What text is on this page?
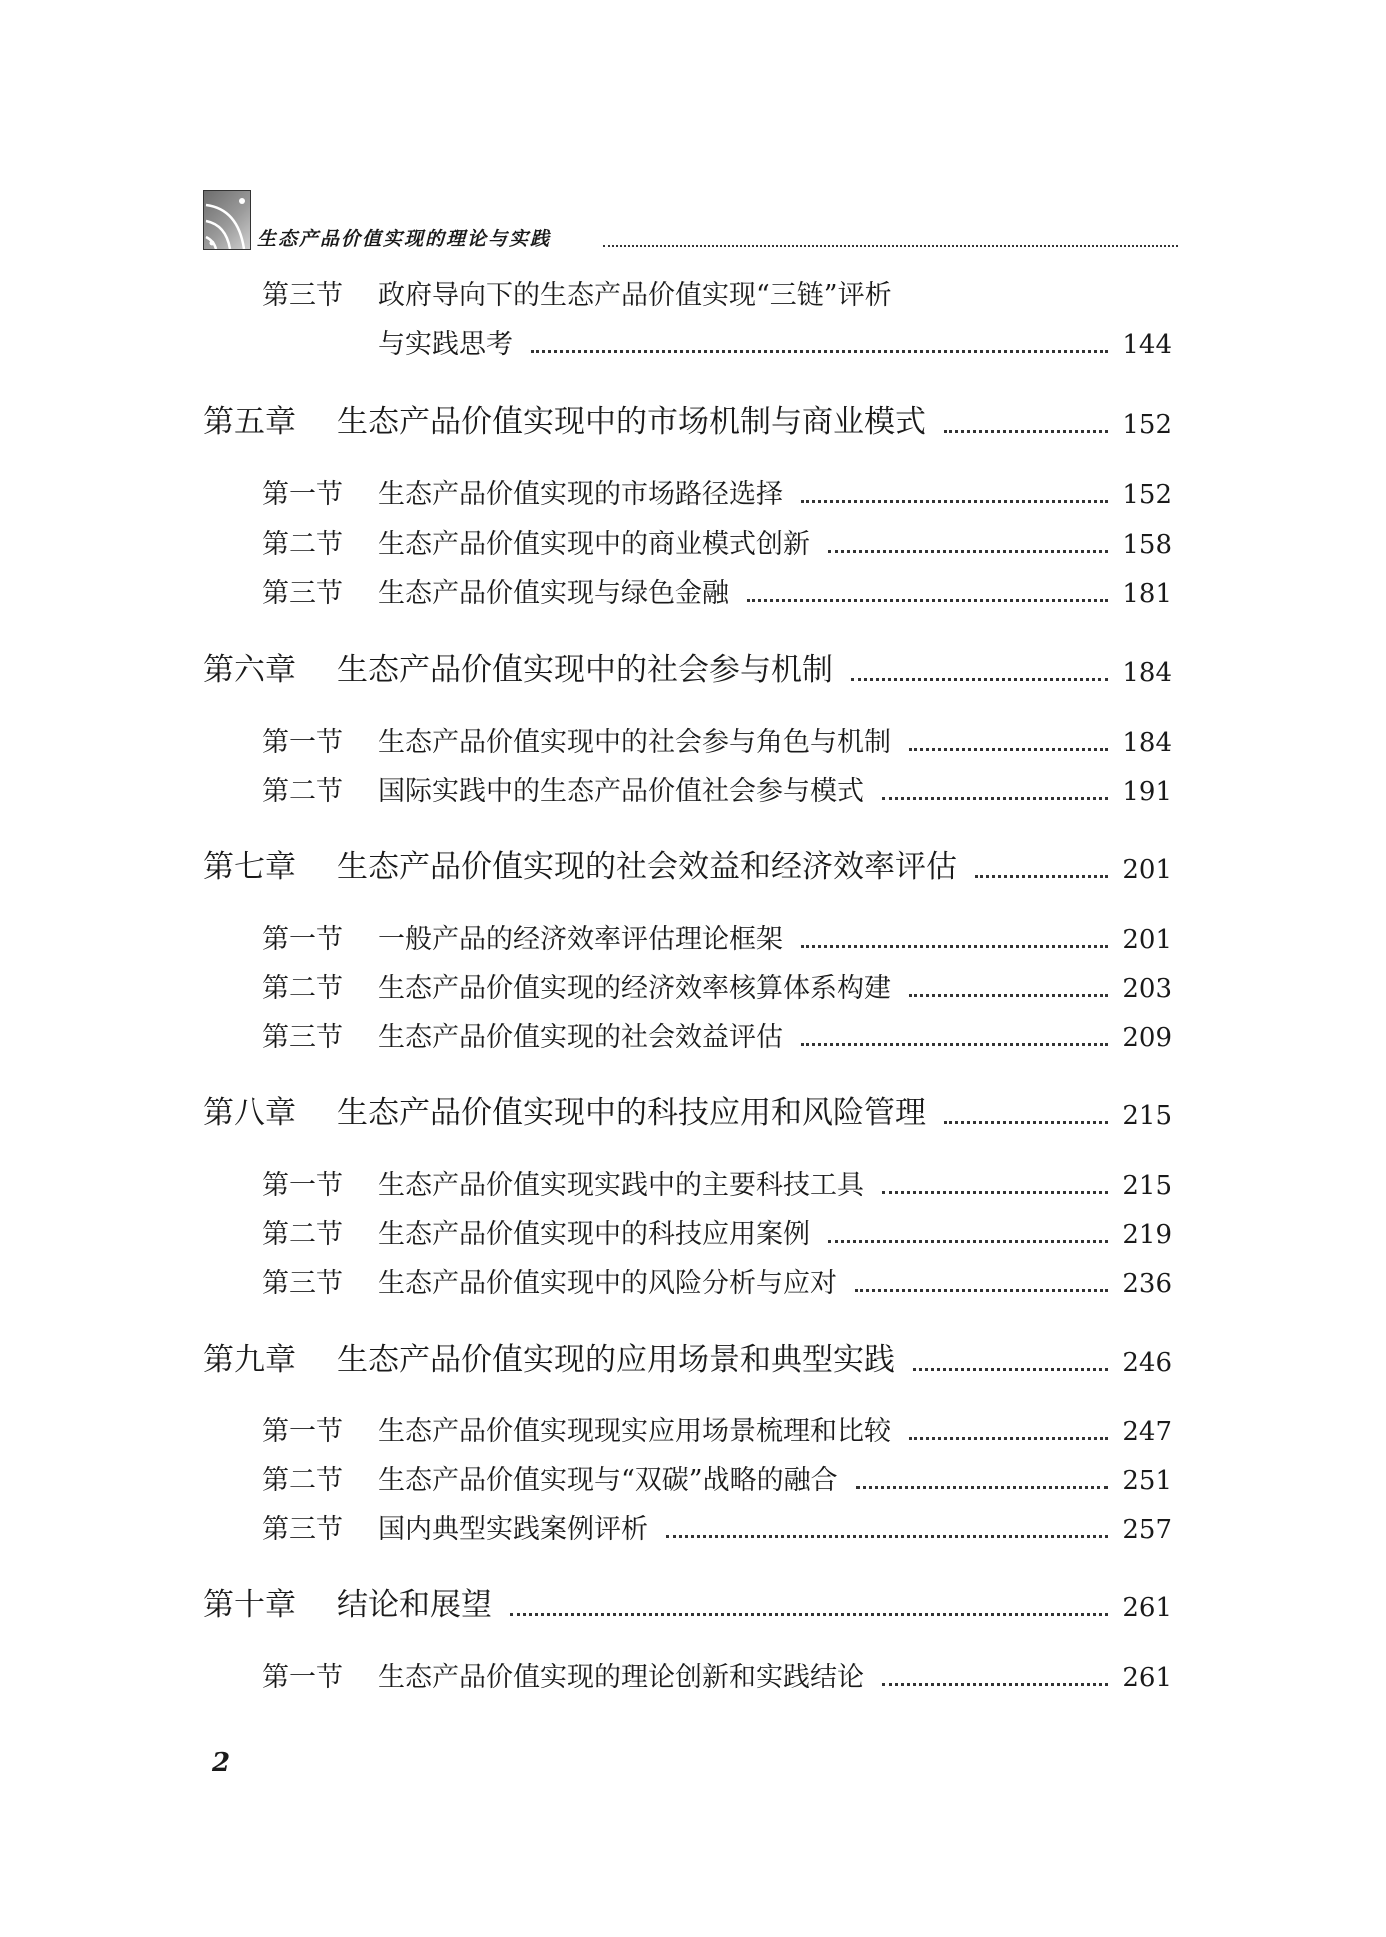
生态产品价值实现的理论与实践
第三节	政府导向下的生态产品价值实现“三链”评析
与实践思考	144
第五章	生态产品价值实现中的市场机制与商业模式	152
第一节	生态产品价值实现的市场路径选择	152
第二节	生态产品价值实现中的商业模式创新	158
第三节	生态产品价值实现与绿色金融	181
第六章	生态产品价值实现中的社会参与机制	184
第一节	生态产品价值实现中的社会参与角色与机制	184
第二节	国际实践中的生态产品价值社会参与模式	191
第七章	生态产品价值实现的社会效益和经济效率评估	201
第一节	一般产品的经济效率评估理论框架	201
第二节	生态产品价值实现的经济效率核算体系构建	203
第三节	生态产品价值实现的社会效益评估	209
第八章	生态产品价值实现中的科技应用和风险管理	215
第一节	生态产品价值实现实践中的主要科技工具	215
第二节	生态产品价值实现中的科技应用案例	219
第三节	生态产品价值实现中的风险分析与应对	236
第九章	生态产品价值实现的应用场景和典型实践	246
第一节	生态产品价值实现现实应用场景梳理和比较	247
第二节	生态产品价值实现与“双碳”战略的融合	251
第三节	国内典型实践案例评析	257
第十章	结论和展望	261
第一节	生态产品价值实现的理论创新和实践结论	261
2
